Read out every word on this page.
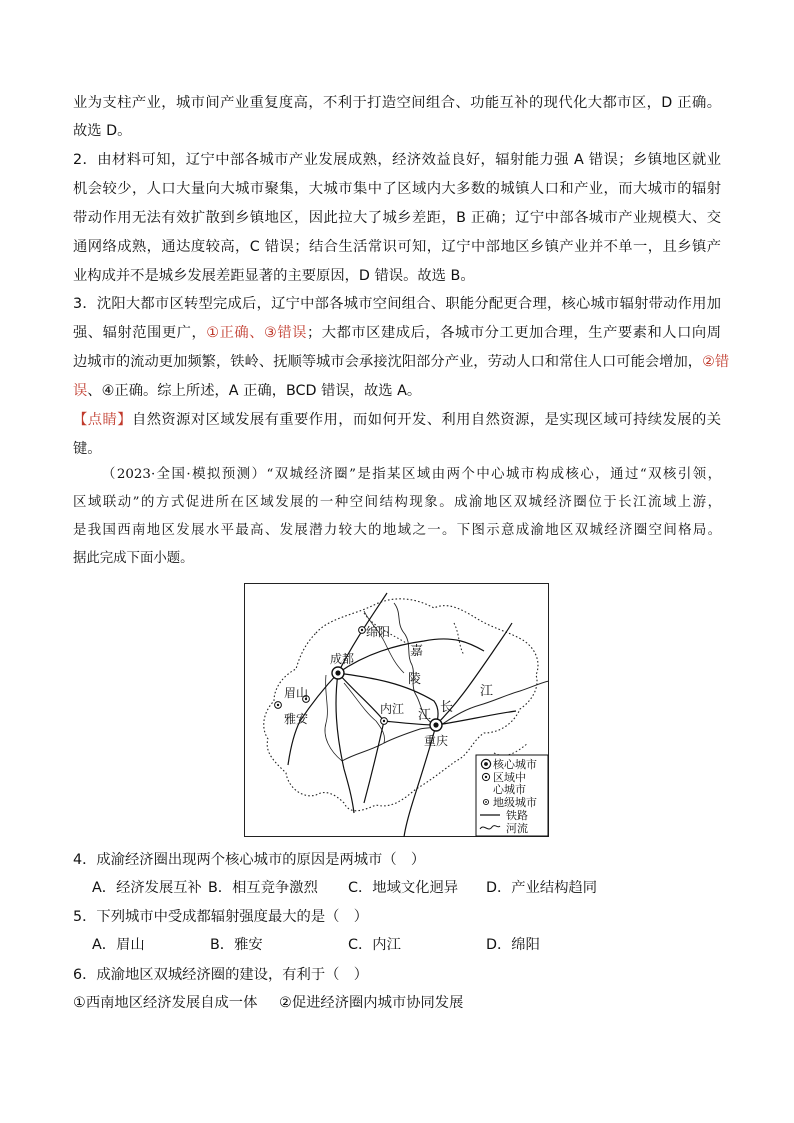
业为支柱产业，城市间产业重复度高，不利于打造空间组合、功能互补的现代化大都市区，D 正确。
故选 D。
2．由材料可知，辽宁中部各城市产业发展成熟，经济效益良好，辐射能力强 A 错误；乡镇地区就业
机会较少，人口大量向大城市聚集，大城市集中了区域内大多数的城镇人口和产业，而大城市的辐射
带动作用无法有效扩散到乡镇地区，因此拉大了城乡差距，B 正确；辽宁中部各城市产业规模大、交
通网络成熟，通达度较高，C 错误；结合生活常识可知，辽宁中部地区乡镇产业并不单一，且乡镇产
业构成并不是城乡发展差距显著的主要原因，D 错误。故选 B。
3．沈阳大都市区转型完成后，辽宁中部各城市空间组合、职能分配更合理，核心城市辐射带动作用加
强、辐射范围更广，①正确、③错误；大都市区建成后，各城市分工更加合理，生产要素和人口向周
边城市的流动更加频繁，铁岭、抚顺等城市会承接沈阳部分产业，劳动人口和常住人口可能会增加，②错
误、④正确。综上所述，A 正确，BCD 错误，故选 A。
【点睛】自然资源对区域发展有重要作用，而如何开发、利用自然资源，是实现区域可持续发展的关
键。
（2023·全国·模拟预测）“双城经济圈”是指某区域由两个中心城市构成核心，通过“双核引领，
区域联动”的方式促进所在区域发展的一种空间结构现象。成渝地区双城经济圈位于长江流域上游，
是我国西南地区发展水平最高、发展潜力较大的地域之一。下图示意成渝地区双城经济圈空间格局。
据此完成下面小题。
绵阳
成都
眉山
雅安
内江
重庆
嘉
陵
江
长
江
核心城市
区域中
心城市
地级城市
铁路
河流
4．成渝经济圈出现两个核心城市的原因是两城市（　）
A．经济发展互补 B．相互竞争激烈 C．地域文化迥异 D．产业结构趋同
5．下列城市中受成都辐射强度最大的是（　）
A．眉山	B．雅安	C．内江	D．绵阳
6．成渝地区双城经济圈的建设，有利于（　）
①西南地区经济发展自成一体 ②促进经济圈内城市协同发展
